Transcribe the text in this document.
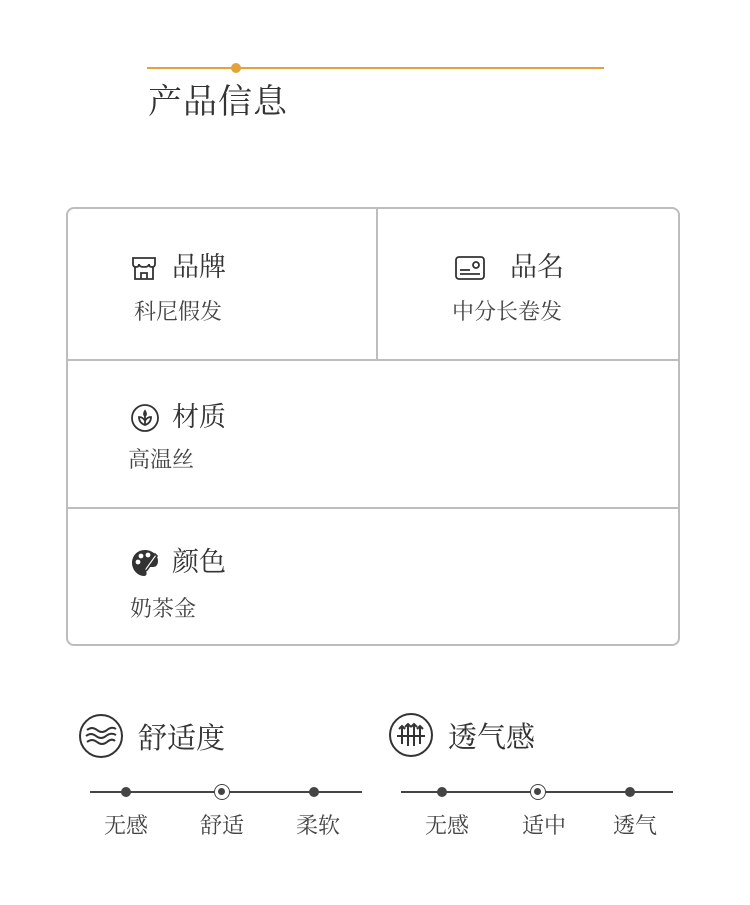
产品信息
品牌
科尼假发
品名
中分长卷发
材质
高温丝
颜色
奶茶金
舒适度
无感	舒适	柔软
透气感
无感	适中	透气
